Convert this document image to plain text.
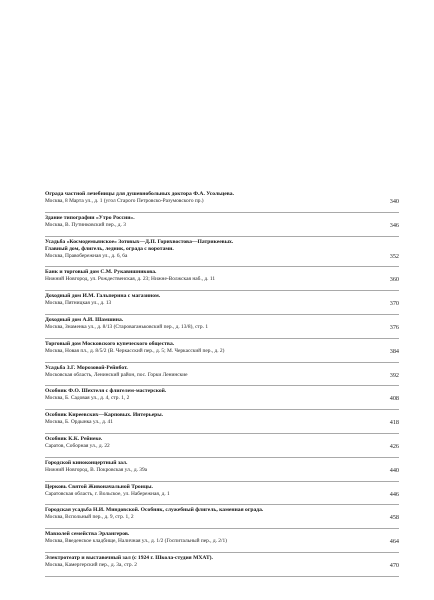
Ограда частной лечебницы для душевнобольных доктора Ф.А. Усольцева.
Москва, 8 Марта ул., д. 1 (угол Старого Петровско-Разумовского пр.)	340
Здание типографии «Утро России».
Москва, В. Путинковский пер., д. 3	346
Усадьба «Космодемьянское» Зотовых—Д.П. Горихвостова—Патрикеевых.
Главный дом, флигель, ледник, ограда с воротами.
Москва, Правобережная ул., д. 6, 6а	352
Банк и торговый дом С.М. Рукавишникова.
Нижний Новгород, ул. Рождественская, д. 23; Нижне-Волжская наб., д. 11	360
Доходный дом И.М. Гальперина с магазином.
Москва, Пятницкая ул., д. 13	370
Доходный дом А.И. Шамшина.
Москва, Знаменка ул., д. 8/13 (Староваганьковский пер., д. 13/8), стр. 1	376
Торговый дом Московского купеческого общества.
Москва, Новая пл., д. 8/5/2 (В. Черкасский пер., д. 5; М. Черкасский пер., д. 2)	384
Усадьба З.Г. Морозовой-Рейнбот.
Московская область, Ленинский район, пос. Горки Ленинские	392
Особняк Ф.О. Шехтеля с флигелем-мастерской.
Москва, Б. Садовая ул., д. 4, стр. 1, 2	408
Особняк Киреевских—Карповых. Интерьеры.
Москва, Б. Ордынка ул., д. 41	418
Особняк К.К. Рейнеке.
Саратов, Соборная ул., д. 22	426
Городской киноконцертный зал.
Нижний Новгород, В. Покровская ул., д. 39а	440
Церковь Святой Живоначальной Троицы.
Саратовская область, г. Вольское, ул. Набережная, д. 1	446
Городская усадьба Н.И. Миндовской. Особняк, служебный флигель, каменная ограда.
Москва, Вспольный пер., д. 9, стр. 1, 2	458
Мавзолей семейства Эрлангеров.
Москва, Введенское кладбище, Наличная ул., д. 1/2 (Госпитальный пер., д. 2/1)	464
Электротеатр и выставочный зал (с 1924 г. Школа-студия МХАТ).
Москва, Камергерский пер., д. 3а, стр. 2	470
